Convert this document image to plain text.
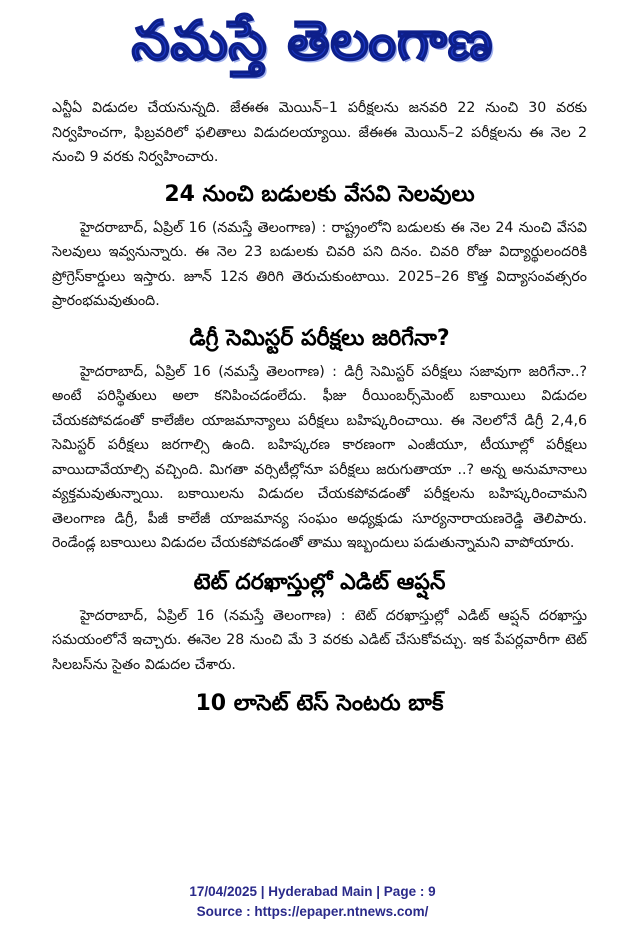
నమస్తే తెలంగాణ

ఎన్టీఏ విడుదల చేయనున్నది. జేఈఈ మెయిన్‌–1 పరీక్షలను జనవరి 22 నుంచి 30 వరకు నిర్వహించగా, ఫిబ్రవరిలో ఫలితాలు విడుదలయ్యాయి. జేఈఈ మెయిన్‌–2 పరీక్షలను ఈ నెల 2 నుంచి 9 వరకు నిర్వహించారు.

24 నుంచి బడులకు వేసవి సెలవులు

హైదరాబాద్‌, ఏప్రిల్‌ 16 (నమస్తే తెలంగాణ) : రాష్ట్రంలోని బడులకు ఈ నెల 24 నుంచి వేసవి సెలవులు ఇవ్వనున్నారు. ఈ నెల 23 బడులకు చివరి పని దినం. చివరి రోజు విద్యార్థులందరికి ప్రోగ్రెస్‌కార్డులు ఇస్తారు. జూన్‌ 12న తిరిగి తెరుచుకుంటాయి. 2025–26 కొత్త విద్యాసంవత్సరం ప్రారంభమవుతుంది.

డిగ్రీ సెమిస్టర్‌ పరీక్షలు జరిగేనా?

హైదరాబాద్‌, ఏప్రిల్‌ 16 (నమస్తే తెలంగాణ) : డిగ్రీ సెమిస్టర్‌ పరీక్షలు సజావుగా జరిగేనా..? అంటే పరిస్థితులు అలా కనిపించడంలేదు. ఫీజు రీయింబర్స్‌మెంట్‌ బకాయిలు విడుదల చేయకపోవడంతో కాలేజీల యాజమాన్యాలు పరీక్షలు బహిష్కరించాయి. ఈ నెలలోనే డిగ్రీ 2,4,6 సెమిస్టర్‌ పరీక్షలు జరగాల్సి ఉంది. బహిష్కరణ కారణంగా ఎంజీయూ, టీయూల్లో పరీక్షలు వాయిదావేయాల్సి వచ్చింది. మిగతా వర్సిటీల్లోనూ పరీక్షలు జరుగుతాయా ..? అన్న అనుమానాలు వ్యక్తమవుతున్నాయి. బకాయిలను విడుదల చేయకపోవడంతో పరీక్షలను బహిష్కరించామని తెలంగాణ డిగ్రీ, పీజీ కాలేజీ యాజమాన్య సంఘం అధ్యక్షుడు సూర్యనారాయణరెడ్డి తెలిపారు. రెండేండ్ల బకాయిలు విడుదల చేయకపోవడంతో తాము ఇబ్బందులు పడుతున్నామని వాపోయారు.

టెట్‌ దరఖాస్తుల్లో ఎడిట్‌ ఆప్షన్‌

హైదరాబాద్‌, ఏప్రిల్‌ 16 (నమస్తే తెలంగాణ) : టెట్‌ దరఖాస్తుల్లో ఎడిట్‌ ఆప్షన్‌ దరఖాస్తు సమయంలోనే ఇచ్చారు. ఈనెల 28 నుంచి మే 3 వరకు ఎడిట్‌ చేసుకోవచ్చు. ఇక పేపర్లవారీగా టెట్‌ సిలబస్‌ను సైతం విడుదల చేశారు.

10 లాసెట్‌ టెస్‌ సెంటరు బాక్‌
17/04/2025 | Hyderabad Main | Page : 9
Source : https://epaper.ntnews.com/
